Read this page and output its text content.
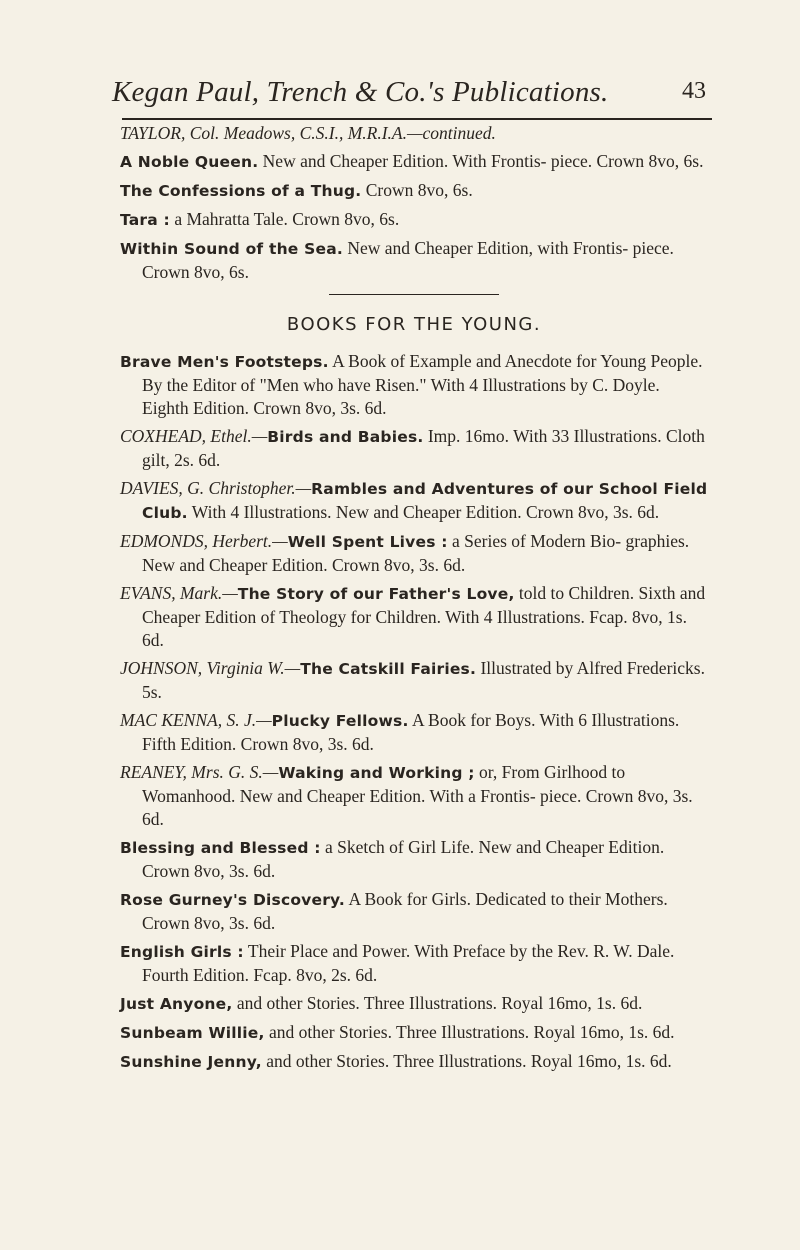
Kegan Paul, Trench & Co.'s Publications.	43
TAYLOR, Col. Meadows, C.S.I., M.R.I.A.—continued.
A Noble Queen. New and Cheaper Edition. With Frontis- piece. Crown 8vo, 6s.
The Confessions of a Thug. Crown 8vo, 6s.
Tara : a Mahratta Tale. Crown 8vo, 6s.
Within Sound of the Sea. New and Cheaper Edition, with Frontis- piece. Crown 8vo, 6s.
BOOKS FOR THE YOUNG.
Brave Men's Footsteps. A Book of Example and Anecdote for Young People. By the Editor of "Men who have Risen." With 4 Illustrations by C. Doyle. Eighth Edition. Crown 8vo, 3s. 6d.
COXHEAD, Ethel.—Birds and Babies. Imp. 16mo. With 33 Illustrations. Cloth gilt, 2s. 6d.
DAVIES, G. Christopher.—Rambles and Adventures of our School Field Club. With 4 Illustrations. New and Cheaper Edition. Crown 8vo, 3s. 6d.
EDMONDS, Herbert.—Well Spent Lives : a Series of Modern Bio- graphies. New and Cheaper Edition. Crown 8vo, 3s. 6d.
EVANS, Mark.—The Story of our Father's Love, told to Children. Sixth and Cheaper Edition of Theology for Children. With 4 Illustrations. Fcap. 8vo, 1s. 6d.
JOHNSON, Virginia W.—The Catskill Fairies. Illustrated by Alfred Fredericks. 5s.
MAC KENNA, S. J.—Plucky Fellows. A Book for Boys. With 6 Illustrations. Fifth Edition. Crown 8vo, 3s. 6d.
REANEY, Mrs. G. S.—Waking and Working ; or, From Girlhood to Womanhood. New and Cheaper Edition. With a Frontis- piece. Crown 8vo, 3s. 6d.
Blessing and Blessed : a Sketch of Girl Life. New and Cheaper Edition. Crown 8vo, 3s. 6d.
Rose Gurney's Discovery. A Book for Girls. Dedicated to their Mothers. Crown 8vo, 3s. 6d.
English Girls : Their Place and Power. With Preface by the Rev. R. W. Dale. Fourth Edition. Fcap. 8vo, 2s. 6d.
Just Anyone, and other Stories. Three Illustrations. Royal 16mo, 1s. 6d.
Sunbeam Willie, and other Stories. Three Illustrations. Royal 16mo, 1s. 6d.
Sunshine Jenny, and other Stories. Three Illustrations. Royal 16mo, 1s. 6d.
